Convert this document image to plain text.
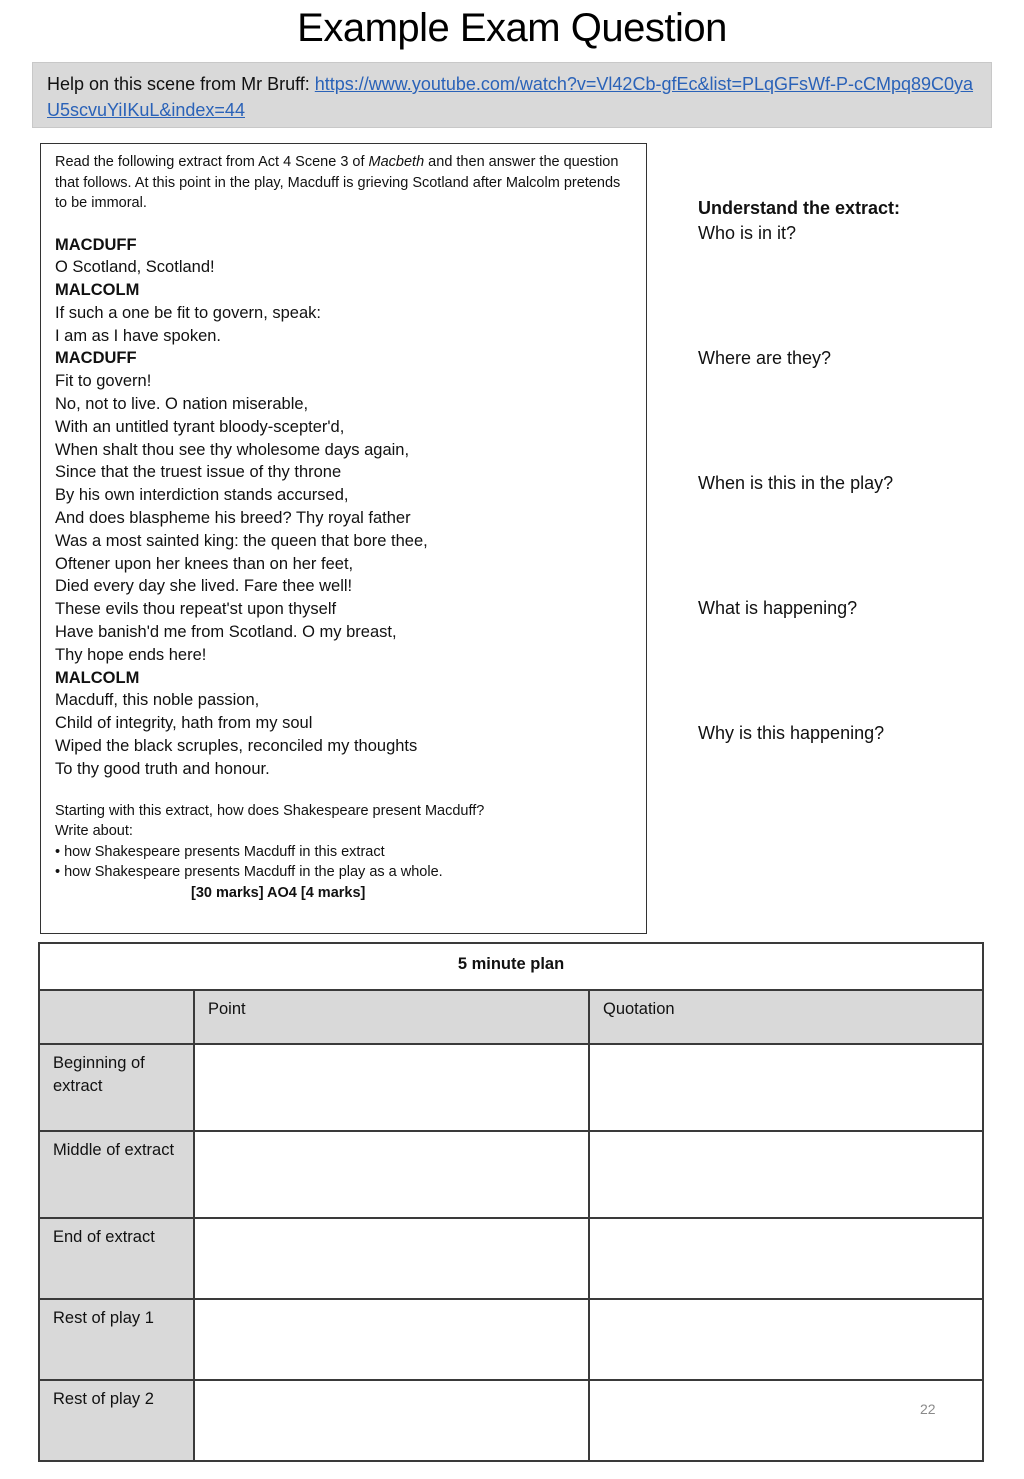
Example Exam Question
Help on this scene from Mr Bruff: https://www.youtube.com/watch?v=Vl42Cb-gfEc&list=PLqGFsWf-P-cCMpq89C0yaU5scvuYiIKuL&index=44

Read the following extract from Act 4 Scene 3 of Macbeth and then answer the question that follows. At this point in the play, Macduff is grieving Scotland after Malcolm pretends to be immoral.

MACDUFF
O Scotland, Scotland!
MALCOLM
If such a one be fit to govern, speak:
I am as I have spoken.
MACDUFF
Fit to govern!
No, not to live. O nation miserable,
With an untitled tyrant bloody-scepter'd,
When shalt thou see thy wholesome days again,
Since that the truest issue of thy throne
By his own interdiction stands accursed,
And does blaspheme his breed? Thy royal father
Was a most sainted king: the queen that bore thee,
Oftener upon her knees than on her feet,
Died every day she lived. Fare thee well!
These evils thou repeat'st upon thyself
Have banish'd me from Scotland. O my breast,
Thy hope ends here!
MALCOLM
Macduff, this noble passion,
Child of integrity, hath from my soul
Wiped the black scruples, reconciled my thoughts
To thy good truth and honour.
Starting with this extract, how does Shakespeare present Macduff?
Write about:
• how Shakespeare presents Macduff in this extract
• how Shakespeare presents Macduff in the play as a whole.
[30 marks] AO4 [4 marks]
Understand the extract:
Who is in it?
Where are they?
When is this in the play?
What is happening?
Why is this happening?
5 minute plan		
	Point	Quotation
Beginning of extract		
Middle of extract		
End of extract		
Rest of play 1		
Rest of play 2		
22
